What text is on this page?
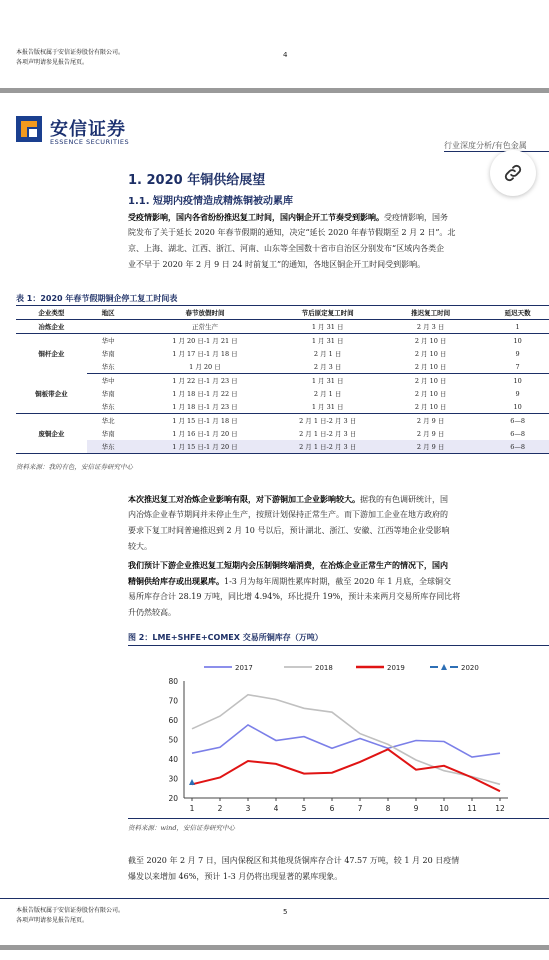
本报告版权属于安信证券股份有限公司。
各项声明请参见报告尾页。
4
安信证券
ESSENCE SECURITIES	行业深度分析/有色金属
1. 2020 年铜供给展望
1.1. 短期内疫情造成精炼铜被动累库
受疫情影响，国内各省纷纷推迟复工时间，国内铜企开工节奏受到影响。受疫情影响，国务
院发布了关于延长 2020 年春节假期的通知，决定“延长 2020 年春节假期至 2 月 2 日”。北
京、上海、湖北、江西、浙江、河南、山东等全国数十省市自治区分别发布“区域内各类企
业不早于 2020 年 2 月 9 日 24 时前复工”的通知，各地区铜企开工时间受到影响。
表 1：2020 年春节假期铜企停工复工时间表
企业类型	地区	春节放假时间	节后原定复工时间	推迟复工时间	延迟天数
冶炼企业		正常生产	1 月 31 日	2 月 3 日	1
铜杆企业	华中	1 月 20 日-1 月 21 日	1 月 31 日	2 月 10 日	10
	华南	1 月 17 日-1 月 18 日	2 月 1 日	2 月 10 日	9
	华东	1 月 20 日	2 月 3 日	2 月 10 日	7
铜板带企业	华中	1 月 22 日-1 月 23 日	1 月 31 日	2 月 10 日	10
	华南	1 月 18 日-1 月 22 日	2 月 1 日	2 月 10 日	9
	华东	1 月 18 日-1 月 23 日	1 月 31 日	2 月 10 日	10
废铜企业	华北	1 月 15 日-1 月 18 日	2 月 1 日-2 月 3 日	2 月 9 日	6—8
	华南	1 月 16 日-1 月 20 日	2 月 1 日-2 月 3 日	2 月 9 日	6—8
	华东	1 月 15 日-1 月 20 日	2 月 1 日-2 月 3 日	2 月 9 日	6—8
资料来源：我的有色，安信证券研究中心
本次推迟复工对冶炼企业影响有限，对下游铜加工企业影响较大。据我的有色调研统计，国
内冶炼企业春节期间并未停止生产，按照计划保持正常生产。而下游加工企业在地方政府的
要求下复工时间普遍推迟到 2 月 10 号以后，预计湖北、浙江、安徽、江西等地企业受影响
较大。
我们预计下游企业推迟复工短期内会压制铜终端消费，在冶炼企业正常生产的情况下，国内
精铜供给库存或出现累库。1-3 月为每年周期性累库时期，截至 2020 年 1 月底，全球铜交
易所库存合计 28.19 万吨，同比增 4.94%，环比提升 19%，预计未来两月交易所库存同比将
升仍然较高。
图 2：LME+SHFE+COMEX 交易所铜库存（万吨）
20
30
40
50
60
70
80
1	2	3	4	5	6	7	8	9	10 11 12
2017	2018	2019	2020
资料来源：wind，安信证券研究中心
截至 2020 年 2 月 7 日，国内保税区和其他现货铜库存合计 47.57 万吨，较 1 月 20 日疫情
爆发以来增加 46%，预计 1-3 月仍将出现显著的累库现象。
本报告版权属于安信证券股份有限公司。
各项声明请参见报告尾页。
5
